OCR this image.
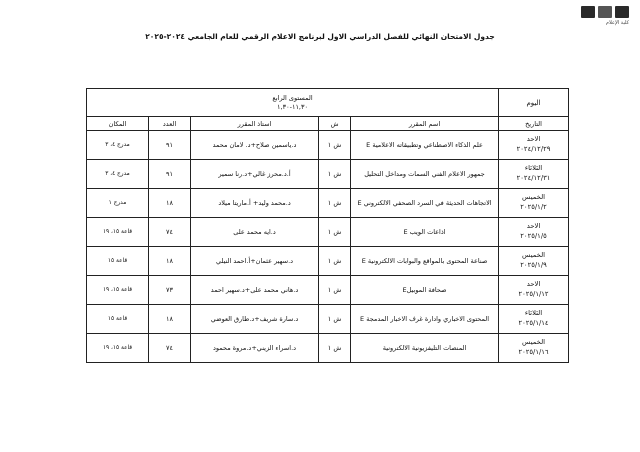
كلية الإعلام
جدول الامتحان النهائي للفصل الدراسي الاول لبرنامج الاعلام الرقمي للعام الجامعي ٢٠٢٤-٢٠٢٥
اليوم	المستوى الرابع
١١,٣٠-١,٣٠				

التاريخ	اسم المقرر	ش	استاذ المقرر	العدد	المكان

الاحد
٢٠٢٤/١٢/٢٩	علم الذكاء الاصطناعي وتطبيقاته الاعلامية E	ش ١	د.ياسمين صلاح+د. لامان محمد	٩١	مدرج ٤، ٣

الثلاثاء
٢٠٢٤/١٢/٣١	جمهور الاعلام الفني السمات ومداخل التحليل	ش ١	أ.د.محرز غالي+د.رنا سمير	٩١	مدرج ٤، ٣

الخميس
٢٠٢٥/١/٢	الاتجاهات الحديثة في السرد الصحفي الالكتروني E	ش ١	د.محمد وليد+ أ.ماريتا ميلاد	١٨	مدرج ١

الاحد
٢٠٢٥/١/٥	اذاعات الويب E	ش ١	د.ايه محمد على	٧٤	قاعة ١٥، ١٩

الخميس
٢٠٢٥/١/٩	صناعة المحتوى بالمواقع والبوابات الالكترونية E	ش ١	د.سهير عثمان+أ.احمد النيلي	١٨	قاعة ١٥

الاحد
٢٠٢٥/١/١٢	صحافة الموبيلE	ش ١	د.هاني محمد على+د.سهير احمد	٧٣	قاعة ١٥، ١٩

الثلاثاء
٢٠٢٥/١/١٤	المحتوى الاخباري وادارة غرف الاخبار المدمجة E	ش ١	د.سارة شريف+د.طارق العوضي	١٨	قاعة ١٥

الخميس
٢٠٢٥/١/١٦	المنصات التليفزيونية الالكترونية	ش ١	د.اسراء الزيني+د.مروة محمود	٧٤	قاعة ١٥، ١٩
